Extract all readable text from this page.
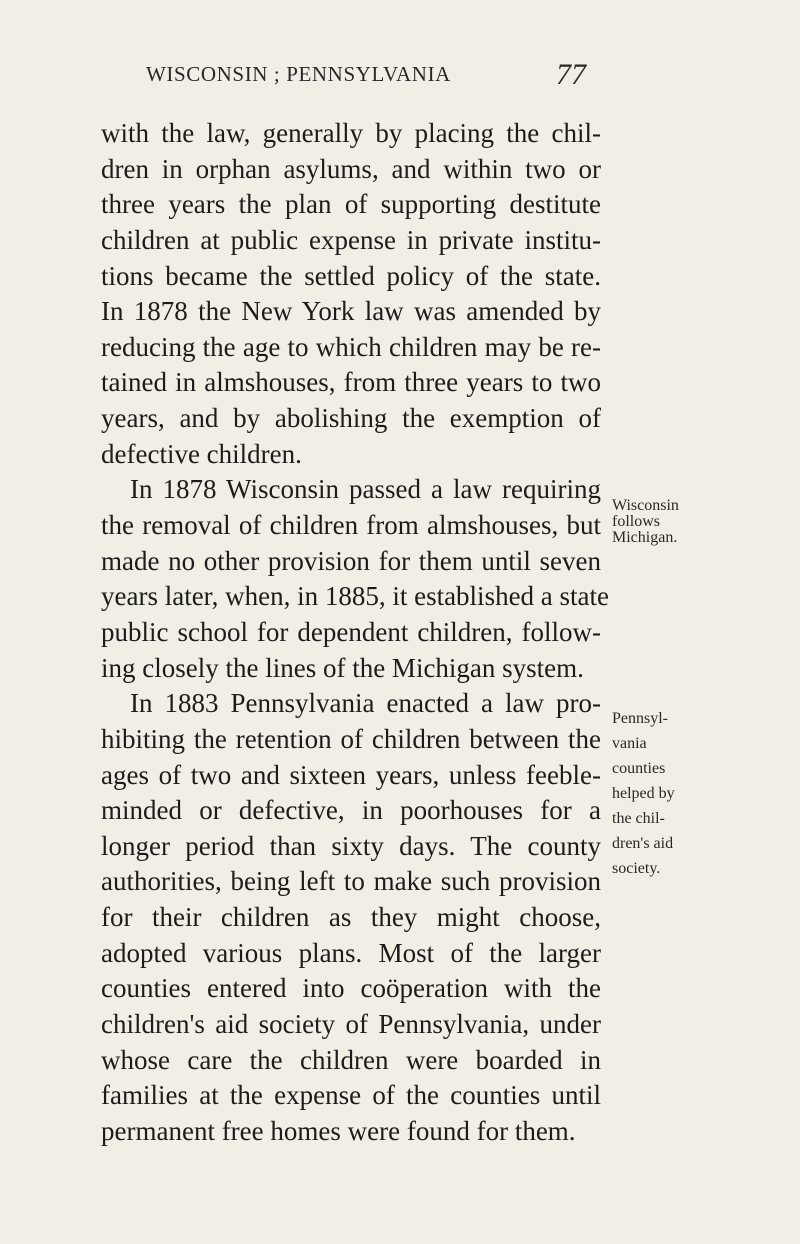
WISCONSIN ; PENNSYLVANIA	77
with the law, generally by placing the chil-
dren in orphan asylums, and within two or
three years the plan of supporting destitute
children at public expense in private institu-
tions became the settled policy of the state.
In 1878 the New York law was amended by
reducing the age to which children may be re-
tained in almshouses, from three years to two
years, and by abolishing the exemption of
defective children.
In 1878 Wisconsin passed a law requiring
the removal of children from almshouses, but
made no other provision for them until seven
years later, when, in 1885, it established a state
public school for dependent children, follow-
ing closely the lines of the Michigan system.
In 1883 Pennsylvania enacted a law pro-
hibiting the retention of children between the
ages of two and sixteen years, unless feeble-
minded or defective, in poorhouses for a
longer period than sixty days. The county
authorities, being left to make such provision
for their children as they might choose,
adopted various plans. Most of the larger
counties entered into coöperation with the
children's aid society of Pennsylvania, under
whose care the children were boarded in
families at the expense of the counties until
permanent free homes were found for them.
Wisconsin
follows
Michigan.
Pennsyl-
vania
counties
helped by
the chil-
dren's aid
society.
